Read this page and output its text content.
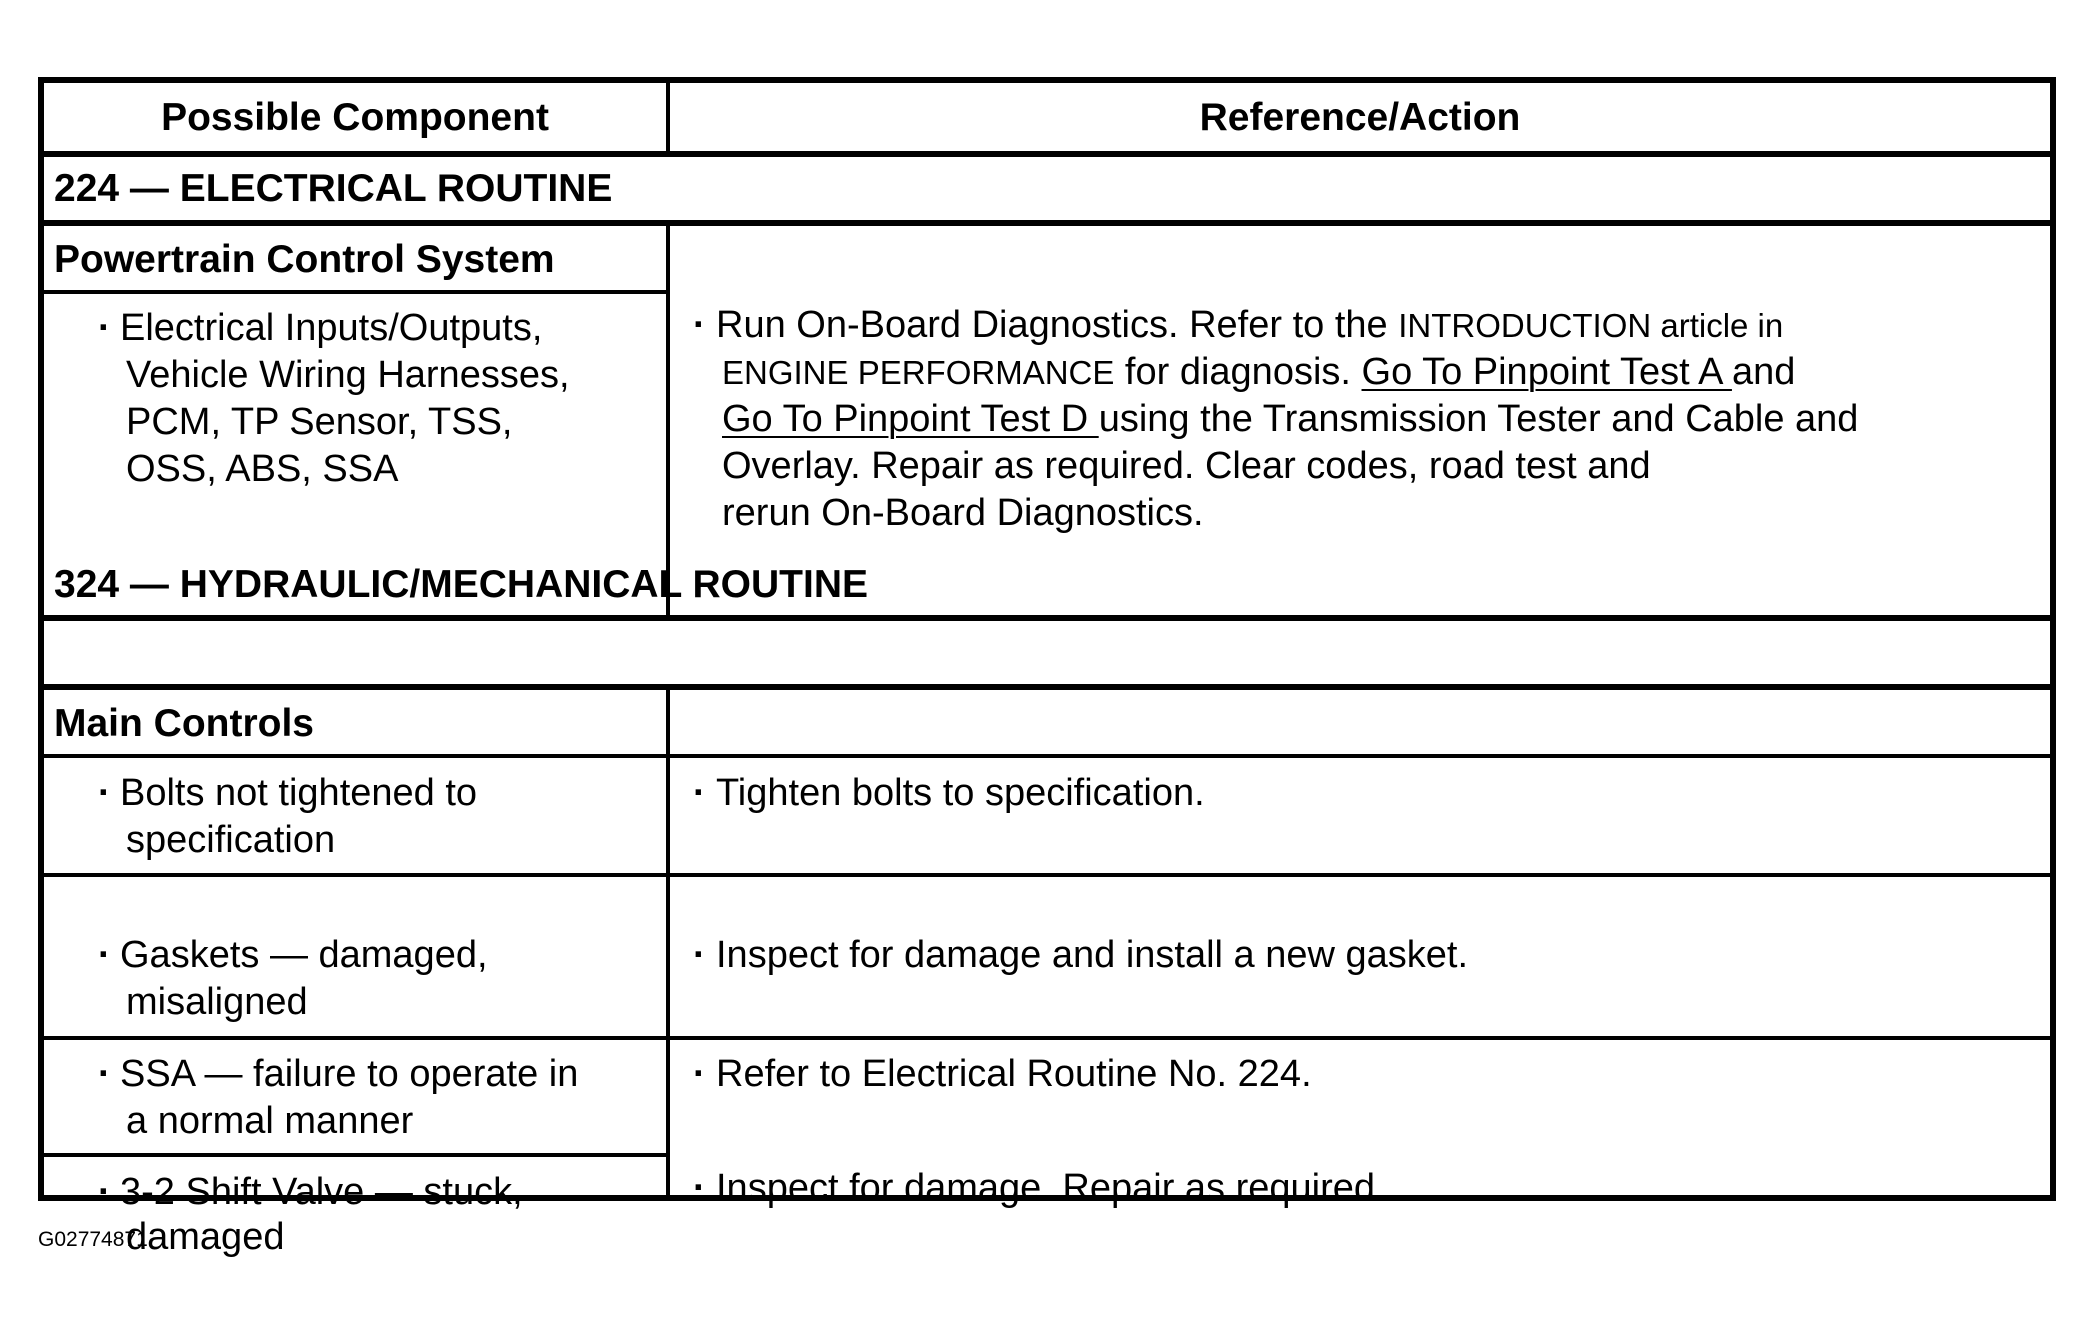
Possible Component	Reference/Action
224 — ELECTRICAL ROUTINE
Powertrain Control System
· Electrical Inputs/Outputs,
Vehicle Wiring Harnesses,
PCM, TP Sensor, TSS,
OSS, ABS, SSA
· Run On-Board Diagnostics. Refer to the INTRODUCTION article in
ENGINE PERFORMANCE for diagnosis. Go To Pinpoint Test A and
Go To Pinpoint Test D using the Transmission Tester and Cable and
Overlay. Repair as required. Clear codes, road test and
rerun On-Board Diagnostics.
324 — HYDRAULIC/MECHANICAL ROUTINE
Main Controls
· Bolts not tightened to
specification
· Tighten bolts to specification.
· Gaskets — damaged,
misaligned
· Inspect for damage and install a new gasket.
· SSA — failure to operate in
a normal manner
· Refer to Electrical Routine No. 224.
· 3-2 Shift Valve — stuck,
damaged
· Inspect for damage. Repair as required.
G02774871
